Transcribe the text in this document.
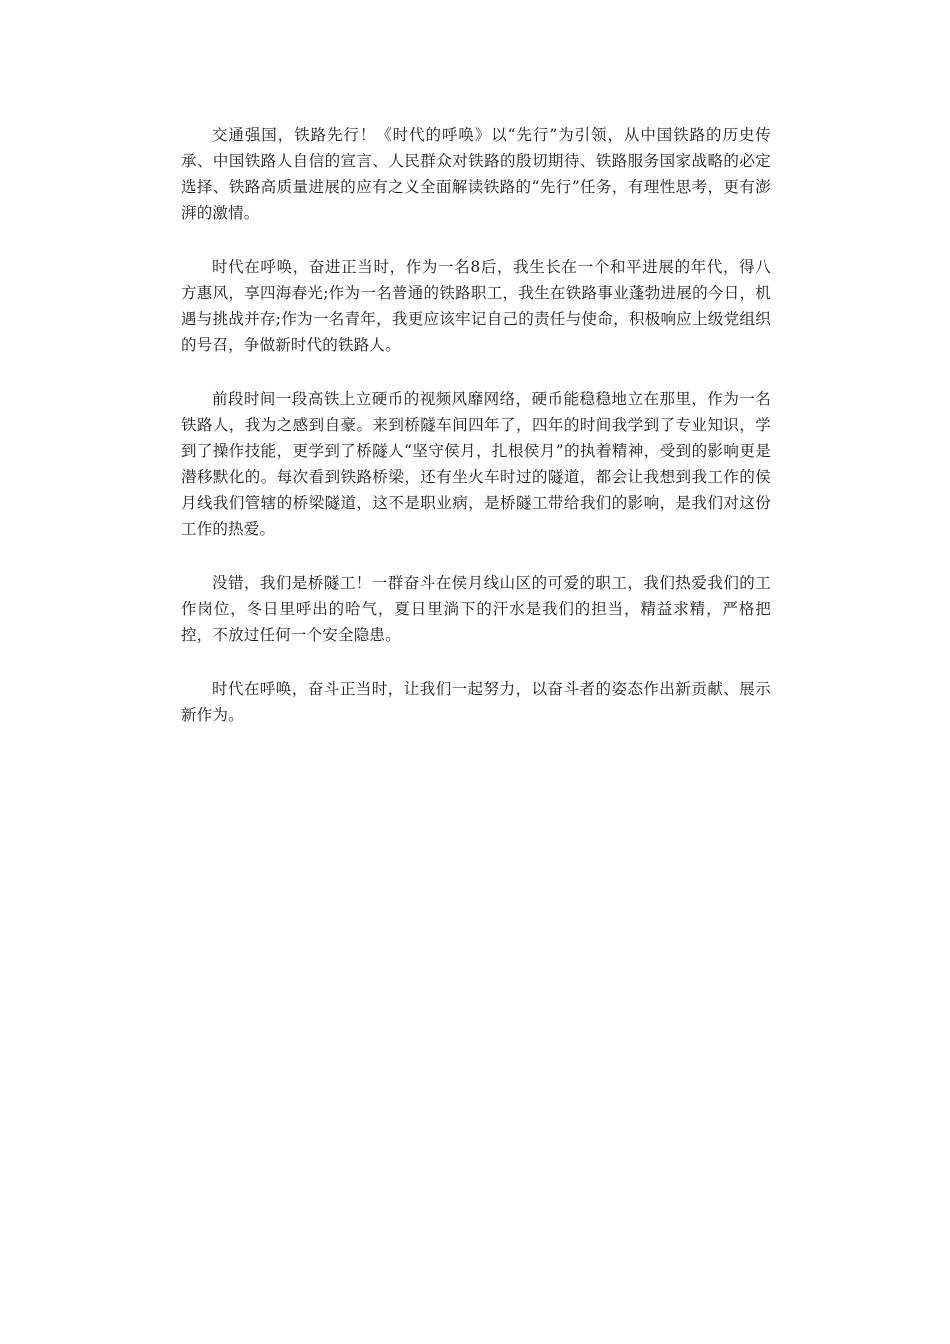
交通强国，铁路先行！《时代的呼唤》以“先行”为引领，从中国铁路的历史传承、中国铁路人自信的宣言、人民群众对铁路的殷切期待、铁路服务国家战略的必定选择、铁路高质量进展的应有之义全面解读铁路的“先行”任务，有理性思考，更有澎湃的激情。

时代在呼唤，奋进正当时，作为一名8后，我生长在一个和平进展的年代，得八方惠风，享四海春光;作为一名普通的铁路职工，我生在铁路事业蓬勃进展的今日，机遇与挑战并存;作为一名青年，我更应该牢记自己的责任与使命，积极响应上级党组织的号召，争做新时代的铁路人。

前段时间一段高铁上立硬币的视频风靡网络，硬币能稳稳地立在那里，作为一名铁路人，我为之感到自豪。来到桥隧车间四年了，四年的时间我学到了专业知识，学到了操作技能，更学到了桥隧人“坚守侯月，扎根侯月”的执着精神，受到的影响更是潜移默化的。每次看到铁路桥梁，还有坐火车时过的隧道，都会让我想到我工作的侯月线我们管辖的桥梁隧道，这不是职业病，是桥隧工带给我们的影响，是我们对这份工作的热爱。

没错，我们是桥隧工！一群奋斗在侯月线山区的可爱的职工，我们热爱我们的工作岗位，冬日里呼出的哈气，夏日里淌下的汗水是我们的担当，精益求精，严格把控，不放过任何一个安全隐患。

时代在呼唤，奋斗正当时，让我们一起努力，以奋斗者的姿态作出新贡献、展示新作为。
